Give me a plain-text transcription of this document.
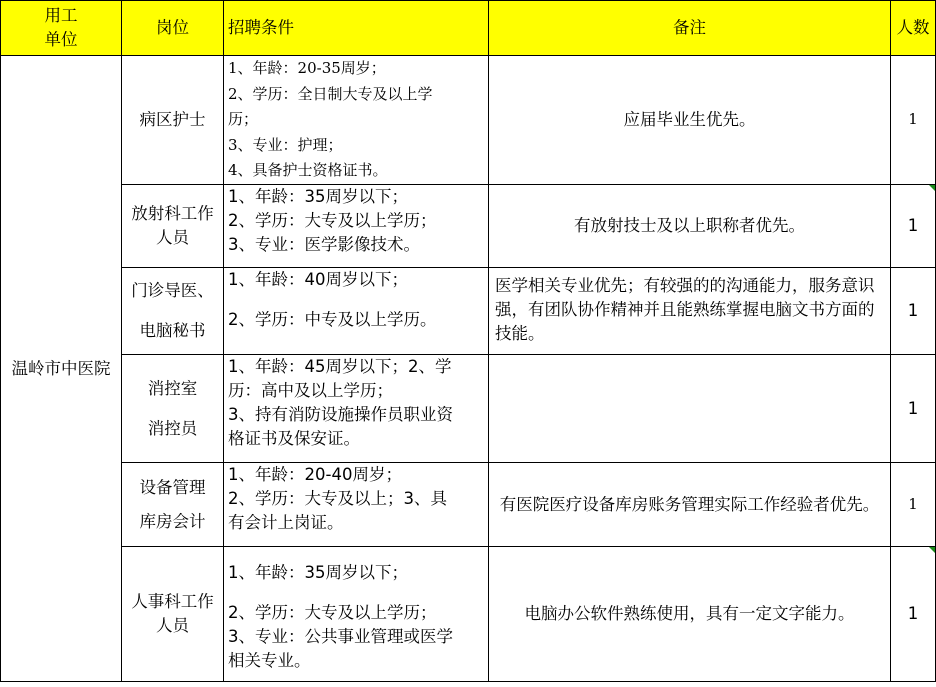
用工
单位	岗位	招聘条件	备注	人数
温岭市中医院	病区护士	1、年龄：20-35周岁；
2、学历：全日制大专及以上学
历；
3、专业：护理；
4、具备护士资格证书。	应届毕业生优先。	1

	放射科工作
人员	1、年龄：35周岁以下；
2、学历：大专及以上学历；
3、专业：医学影像技术。	有放射技士及以上职称者优先。	1

	门诊导医、
电脑秘书	1、年龄：40周岁以下；
2、学历：中专及以上学历。	医学相关专业优先；有较强的的沟通能力，服务意识强，有团队协作精神并且能熟练掌握电脑文书方面的技能。	1

	消控室
消控员	1、年龄：45周岁以下；2、学
历：高中及以上学历；
3、持有消防设施操作员职业资
格证书及保安证。		1

	设备管理
库房会计	1、年龄：20-40周岁；
2、学历：大专及以上；3、具
有会计上岗证。	有医院医疗设备库房账务管理实际工作经验者优先。	1

	人事科工作
人员	1、年龄：35周岁以下；
2、学历：大专及以上学历；
3、专业：公共事业管理或医学
相关专业。	电脑办公软件熟练使用，具有一定文字能力。	1
